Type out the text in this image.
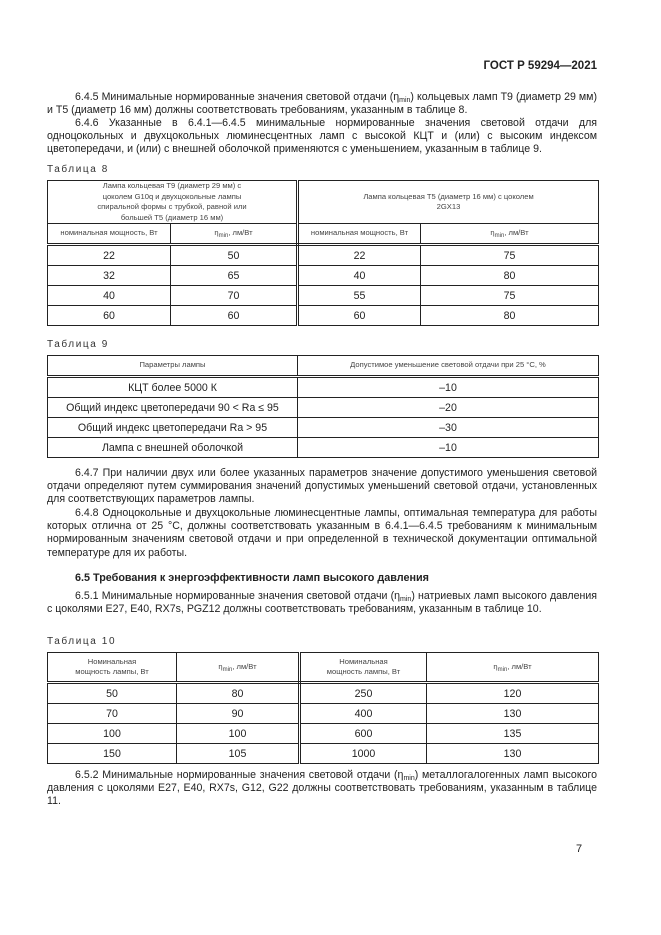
ГОСТ Р 59294—2021
6.4.5 Минимальные нормированные значения световой отдачи $(\eta_{min})$ кольцевых ламп Т9 (диаметр 29 мм) и Т5 (диаметр 16 мм) должны соответствовать требованиям, указанным в таблице 8.
6.4.6 Указанные в 6.4.1—6.4.5 минимальные нормированные значения световой отдачи для одноцокольных и двухцокольных люминесцентных ламп с высокой КЦТ и (или) с высоким индексом цветопередачи, и (или) с внешней оболочкой применяются с уменьшением, указанным в таблице 9.
Таблица 8
Лампа кольцевая Т9 (диаметр 29 мм) с цоколем G10q и двухцокольные лампы спиральной формы с трубкой, равной или большей Т5 (диаметр 16 мм)		Лампа кольцевая Т5 (диаметр 16 мм) с цоколем 2GX13	
номинальная мощность, Вт	$\eta_{min}$, лм/Вт	номинальная мощность, Вт	$\eta_{min}$, лм/Вт
22	50	22	75
32	65	40	80
40	70	55	75
60	60	60	80
Таблица 9
Параметры лампы	Допустимое уменьшение световой отдачи при 25 °С, %
КЦТ более 5000 К	–10
Общий индекс цветопередачи 90 < Ra ≤ 95	–20
Общий индекс цветопередачи Ra > 95	–30
Лампа с внешней оболочкой	–10
6.4.7 При наличии двух или более указанных параметров значение допустимого уменьшения световой отдачи определяют путем суммирования значений допустимых уменьшений световой отдачи, установленных для соответствующих параметров лампы.
6.4.8 Одноцокольные и двухцокольные люминесцентные лампы, оптимальная температура для работы которых отлична от 25 °С, должны соответствовать указанным в 6.4.1—6.4.5 требованиям к минимальным нормированным значениям световой отдачи и при определенной в технической документации оптимальной температуре для их работы.
6.5 Требования к энергоэффективности ламп высокого давления
6.5.1 Минимальные нормированные значения световой отдачи $(\eta_{min})$ натриевых ламп высокого давления с цоколями Е27, Е40, RX7s, PGZ12 должны соответствовать требованиям, указанным в таблице 10.
Таблица 10
Номинальная мощность лампы, Вт	$\eta_{min}$, лм/Вт	Номинальная мощность лампы, Вт	$\eta_{min}$, лм/Вт
50	80	250	120
70	90	400	130
100	100	600	135
150	105	1000	130
6.5.2 Минимальные нормированные значения световой отдачи $(\eta_{min})$ металлогалогенных ламп высокого давления с цоколями Е27, Е40, RX7s, G12, G22 должны соответствовать требованиям, указанным в таблице 11.
7
